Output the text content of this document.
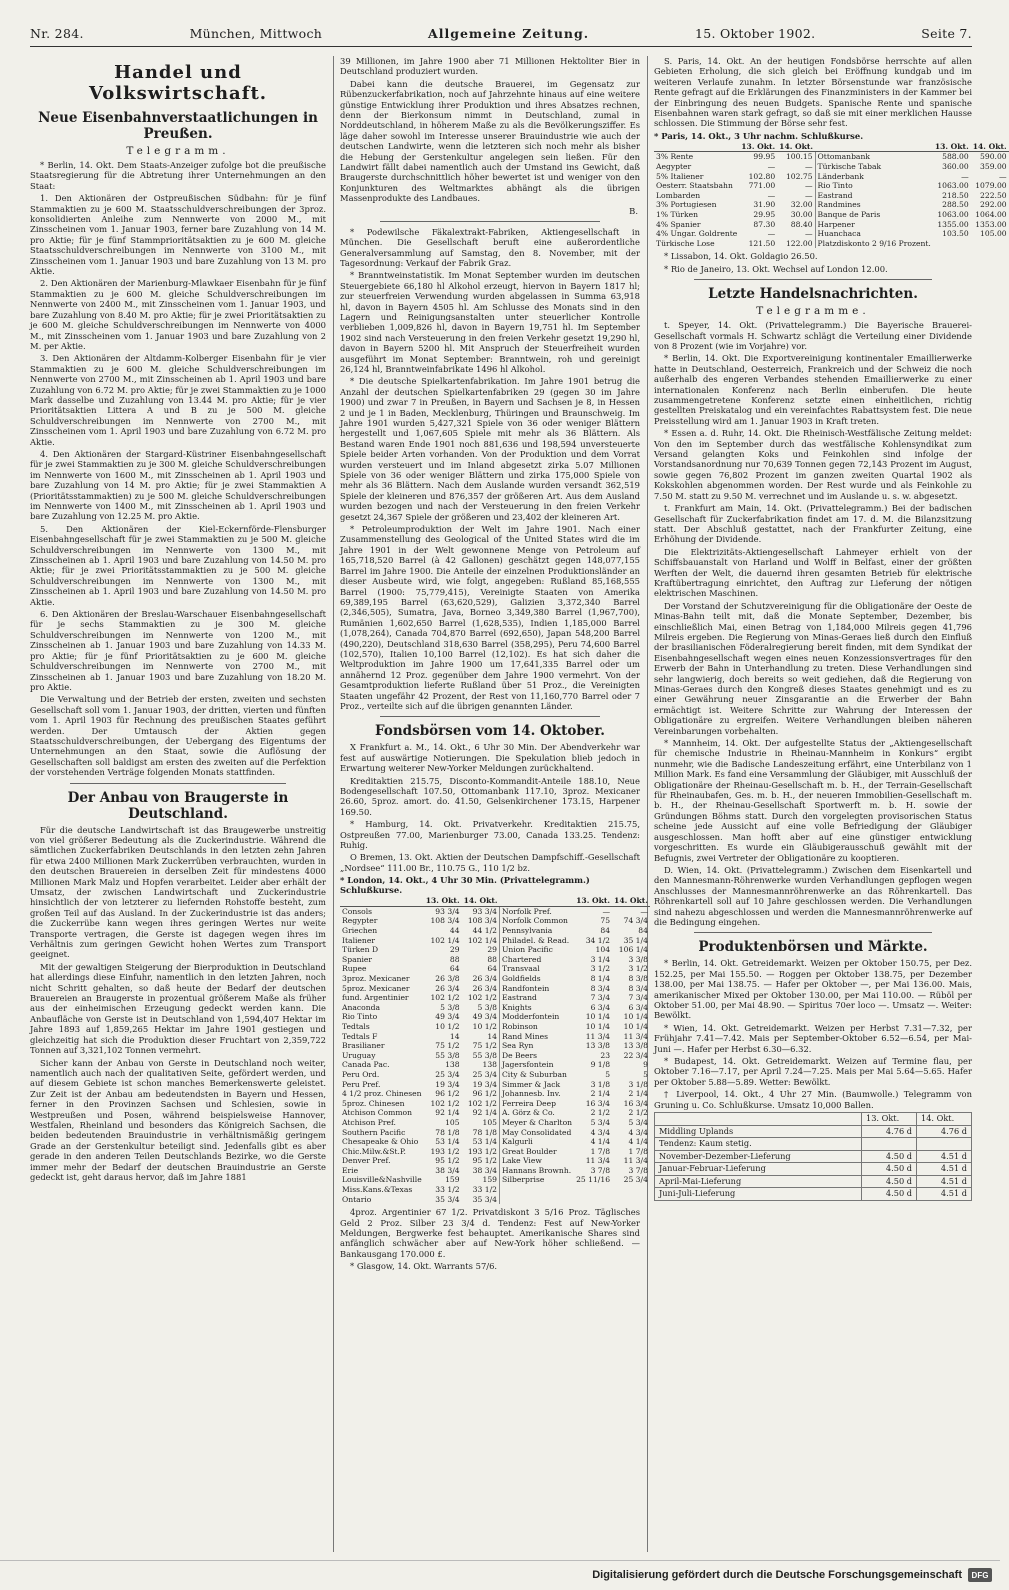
Nr. 284.	München, Mittwoch	Allgemeine Zeitung.	15. Oktober 1902.	Seite 7.
Handel und Volkswirtschaft.
Neue Eisenbahnverstaatlichungen in Preußen.
Telegramm.

* Berlin, 14. Okt. Dem Staats-Anzeiger zufolge bot die preußische Staatsregierung für die Abtretung ihrer Unternehmungen an den Staat:

1. Den Aktionären der Ostpreußischen Südbahn: für je fünf Stammaktien zu je 600 M. Staatsschuldverschreibungen der 3proz. konsolidierten Anleihe zum Nennwerte von 2000 M., mit Zinsscheinen vom 1. Januar 1903, ferner bare Zuzahlung von 14 M. pro Aktie; für je fünf Stammprioritätsaktien zu je 600 M. gleiche Staatsschuldverschreibungen im Nennwerte von 3100 M., mit Zinsscheinen vom 1. Januar 1903 und bare Zuzahlung von 13 M. pro Aktie.

2. Den Aktionären der Marienburg-Mlawkaer Eisenbahn für je fünf Stammaktien zu je 600 M. gleiche Schuldverschreibungen im Nennwerte von 2400 M., mit Zinsscheinen vom 1. Januar 1903, und bare Zuzahlung von 8.40 M. pro Aktie; für je zwei Prioritätsaktien zu je 600 M. gleiche Schuldverschreibungen im Nennwerte von 4000 M., mit Zinsscheinen vom 1. Januar 1903 und bare Zuzahlung von 2 M. per Aktie.

3. Den Aktionären der Altdamm-Kolberger Eisenbahn für je vier Stammaktien zu je 600 M. gleiche Schuldverschreibungen im Nennwerte von 2700 M., mit Zinsscheinen ab 1. April 1903 und bare Zuzahlung von 6.72 M. pro Aktie; für je zwei Stammaktien zu je 1000 Mark dasselbe und Zuzahlung von 13.44 M. pro Aktie; für je vier Prioritätsaktien Littera A und B zu je 500 M. gleiche Schuldverschreibungen im Nennwerte von 2700 M., mit Zinsscheinen vom 1. April 1903 und bare Zuzahlung von 6.72 M. pro Aktie.

4. Den Aktionären der Stargard-Küstriner Eisenbahngesellschaft für je zwei Stammaktien zu je 300 M. gleiche Schuldverschreibungen im Nennwerte von 1600 M., mit Zinsscheinen ab 1. April 1903 und bare Zuzahlung von 14 M. pro Aktie; für je zwei Stammaktien A (Prioritätsstammaktien) zu je 500 M. gleiche Schuldverschreibungen im Nennwerte von 1400 M., mit Zinsscheinen ab 1. April 1903 und bare Zuzahlung von 12.25 M. pro Aktie.

5. Den Aktionären der Kiel-Eckernförde-Flensburger Eisenbahngesellschaft für je zwei Stammaktien zu je 500 M. gleiche Schuldverschreibungen im Nennwerte von 1300 M., mit Zinsscheinen ab 1. April 1903 und bare Zuzahlung von 14.50 M. pro Aktie; für je zwei Prioritätsstammaktien zu je 500 M. gleiche Schuldverschreibungen im Nennwerte von 1300 M., mit Zinsscheinen ab 1. April 1903 und bare Zuzahlung von 14.50 M. pro Aktie.

6. Den Aktionären der Breslau-Warschauer Eisenbahngesellschaft für je sechs Stammaktien zu je 300 M. gleiche Schuldverschreibungen im Nennwerte von 1200 M., mit Zinsscheinen ab 1. Januar 1903 und bare Zuzahlung von 14.33 M. pro Aktie; für je fünf Prioritätsaktien zu je 600 M. gleiche Schuldverschreibungen im Nennwerte von 2700 M., mit Zinsscheinen ab 1. Januar 1903 und bare Zuzahlung von 18.20 M. pro Aktie.

Die Verwaltung und der Betrieb der ersten, zweiten und sechsten Gesellschaft soll vom 1. Januar 1903, der dritten, vierten und fünften vom 1. April 1903 für Rechnung des preußischen Staates geführt werden. Der Umtausch der Aktien gegen Staatsschuldverschreibungen, der Uebergang des Eigentums der Unternehmungen an den Staat, sowie die Auflösung der Gesellschaften soll baldigst am ersten des zweiten auf die Perfektion der vorstehenden Verträge folgenden Monats stattfinden.

Der Anbau von Braugerste in Deutschland.

Für die deutsche Landwirtschaft ist das Braugewerbe unstreitig von viel größerer Bedeutung als die Zuckerindustrie. Während die sämtlichen Zuckerfabriken Deutschlands in den letzten zehn Jahren für etwa 2400 Millionen Mark Zuckerrüben verbrauchten, wurden in den deutschen Brauereien in derselben Zeit für mindestens 4000 Millionen Mark Malz und Hopfen verarbeitet. Leider aber erhält der Umsatz, der zwischen Landwirtschaft und Zuckerindustrie hinsichtlich der von letzterer zu liefernden Rohstoffe besteht, zum großen Teil auf das Ausland. In der Zuckerindustrie ist das anders; die Zuckerrübe kann wegen ihres geringen Wertes nur weite Transporte vertragen, die Gerste ist dagegen wegen ihres im Verhältnis zum geringen Gewicht hohen Wertes zum Transport geeignet.

Mit der gewaltigen Steigerung der Bierproduktion in Deutschland hat allerdings diese Einfuhr, namentlich in den letzten Jahren, noch nicht Schritt gehalten, so daß heute der Bedarf der deutschen Brauereien an Braugerste in prozentual größerem Maße als früher aus der einheimischen Erzeugung gedeckt werden kann. Die Anbaufläche von Gerste ist in Deutschland von 1,594,407 Hektar im Jahre 1893 auf 1,859,265 Hektar im Jahre 1901 gestiegen und gleichzeitig hat sich die Produktion dieser Fruchtart von 2,359,722 Tonnen auf 3,321,102 Tonnen vermehrt.

Sicher kann der Anbau von Gerste in Deutschland noch weiter, namentlich auch nach der qualitativen Seite, gefördert werden, und auf diesem Gebiete ist schon manches Bemerkenswerte geleistet. Zur Zeit ist der Anbau am bedeutendsten in Bayern und Hessen, ferner in den Provinzen Sachsen und Schlesien, sowie in Westpreußen und Posen, während beispielsweise Hannover, Westfalen, Rheinland und besonders das Königreich Sachsen, die beiden bedeutenden Brauindustrie in verhältnismäßig geringem Grade an der Gerstenkultur beteiligt sind. Jedenfalls gibt es aber gerade in den anderen Teilen Deutschlands Bezirke, wo die Gerste immer mehr der Bedarf der deutschen Brauindustrie an Gerste gedeckt ist, geht daraus hervor, daß im Jahre 1881

39 Millionen, im Jahre 1900 aber 71 Millionen Hektoliter Bier in Deutschland produziert wurden.

Dabei kann die deutsche Brauerei, im Gegensatz zur Rübenzuckerfabrikation, noch auf Jahrzehnte hinaus auf eine weitere günstige Entwicklung ihrer Produktion und ihres Absatzes rechnen, denn der Bierkonsum nimmt in Deutschland, zumal in Norddeutschland, in höherem Maße zu als die Bevölkerungsziffer. Es läge daher sowohl im Interesse unserer Brauindustrie wie auch der deutschen Landwirte, wenn die letzteren sich noch mehr als bisher die Hebung der Gerstenkultur angelegen sein ließen. Für den Landwirt fällt dabei namentlich auch der Umstand ins Gewicht, daß Braugerste durchschnittlich höher bewertet ist und weniger von den Konjunkturen des Weltmarktes abhängt als die übrigen Massenprodukte des Landbaues.

B.

* Podewilsche Fäkalextrakt-Fabriken, Aktiengesellschaft in München. Die Gesellschaft beruft eine außerordentliche Generalversammlung auf Samstag, den 8. November, mit der Tagesordnung: Verkauf der Fabrik Graz.

* Branntweinstatistik. Im Monat September wurden im deutschen Steuergebiete 66,180 hl Alkohol erzeugt, hiervon in Bayern 1817 hl; zur steuerfreien Verwendung wurden abgelassen in Summa 63,918 hl, davon in Bayern 4505 hl. Am Schlusse des Monats sind in den Lagern und Reinigungsanstalten unter steuerlicher Kontrolle verblieben 1,009,826 hl, davon in Bayern 19,751 hl. Im September 1902 sind nach Versteuerung in den freien Verkehr gesetzt 19,290 hl, davon in Bayern 5200 hl. Mit Anspruch der Steuerfreiheit wurden ausgeführt im Monat September: Branntwein, roh und gereinigt 26,124 hl, Branntweinfabrikate 1496 hl Alkohol.

* Die deutsche Spielkartenfabrikation. Im Jahre 1901 betrug die Anzahl der deutschen Spielkartenfabriken 29 (gegen 30 im Jahre 1900) und zwar 7 in Preußen, in Bayern und Sachsen je 8, in Hessen 2 und je 1 in Baden, Mecklenburg, Thüringen und Braunschweig. Im Jahre 1901 wurden 5,427,321 Spiele von 36 oder weniger Blättern hergestellt und 1,067,605 Spiele mit mehr als 36 Blättern. Als Bestand waren Ende 1901 noch 881,636 und 198,594 unversteuerte Spiele beider Arten vorhanden. Von der Produktion und dem Vorrat wurden versteuert und im Inland abgesetzt zirka 5.07 Millionen Spiele von 36 oder weniger Blättern und zirka 175,000 Spiele von mehr als 36 Blättern. Nach dem Auslande wurden versandt 362,519 Spiele der kleineren und 876,357 der größeren Art. Aus dem Ausland wurden bezogen und nach der Versteuerung in den freien Verkehr gesetzt 24,367 Spiele der größeren und 23,402 der kleineren Art.

* Petroleumproduktion der Welt im Jahre 1901. Nach einer Zusammenstellung des Geological of the United States wird die im Jahre 1901 in der Welt gewonnene Menge von Petroleum auf 165,718,520 Barrel (à 42 Gallonen) geschätzt gegen 148,077,155 Barrel im Jahre 1900. Die Anteile der einzelnen Produktionsländer an dieser Ausbeute wird, wie folgt, angegeben: Rußland 85,168,555 Barrel (1900: 75,779,415), Vereinigte Staaten von Amerika 69,389,195 Barrel (63,620,529), Galizien 3,372,340 Barrel (2,346,505), Sumatra, Java, Borneo 3,349,380 Barrel (1,967,700), Rumänien 1,602,650 Barrel (1,628,535), Indien 1,185,000 Barrel (1,078,264), Canada 704,870 Barrel (692,650), Japan 548,200 Barrel (490,220), Deutschland 318,630 Barrel (358,295), Peru 74,600 Barrel (102,570), Italien 10,100 Barrel (12,102). Es hat sich daher die Weltproduktion im Jahre 1900 um 17,641,335 Barrel oder um annähernd 12 Proz. gegenüber dem Jahre 1900 vermehrt. Von der Gesamtproduktion lieferte Rußland über 51 Proz., die Vereinigten Staaten ungefähr 42 Prozent, der Rest von 11,160,770 Barrel oder 7 Proz., verteilte sich auf die übrigen genannten Länder.

Fondsbörsen vom 14. Oktober.

X Frankfurt a. M., 14. Okt., 6 Uhr 30 Min. Der Abendverkehr war fest auf auswärtige Notierungen. Die Spekulation blieb jedoch in Erwartung weiterer New-Yorker Meldungen zurückhaltend.

Kreditaktien 215.75, Disconto-Kommandit-Anteile 188.10, Neue Bodengesellschaft 107.50, Ottomanbank 117.10, 3proz. Mexicaner 26.60, 5proz. amort. do. 41.50, Gelsenkirchener 173.15, Harpener 169.50.

* Hamburg, 14. Okt. Privatverkehr. Kreditaktien 215.75, Ostpreußen 77.00, Marienburger 73.00, Canada 133.25. Tendenz: Ruhig.

O Bremen, 13. Okt. Aktien der Deutschen Dampfschiff.-Gesellschaft „Nordsee“ 111.00 Br., 110.75 G., 110 1/2 bz.

* London, 14. Okt., 4 Uhr 30 Min. (Privattelegramm.) Schlußkurse.
	13. Okt.	14. Okt.		13. Okt.	14. Okt.
Consols	93 3/4	93 3/4	Norfolk Pref.	—	—
Regypter	108 3/4	108 3/4	Norfolk Common	75	74 3/4
Griechen	44	44 1/2	Pennsylvania	84	84
Italiener	102 1/4	102 1/4	Philadel. & Read.	34 1/2	35 1/4
Türken D	29	29	Union Pacific	104	106 1/4
Spanier	88	88	Chartered	3 1/4	3 3/8
Rupee	64	64	Transvaal	3 1/2	3 1/2
3proz. Mexicaner	26 3/8	26 3/4	Goldfields	8 1/4	8 3/8
5proz. Mexicaner	26 3/4	26 3/4	Randfontein	8 3/4	8 3/4
fund. Argentinier	102 1/2	102 1/2	Eastrand	7 3/4	7 3/4
Anaconda	5 3/8	5 3/8	Knights	6 3/4	6 3/4
Rio Tinto	49 3/4	49 3/4	Modderfontein	10 1/4	10 1/4
Tedtals	10 1/2	10 1/2	Robinson	10 1/4	10 1/4
Tedtals F	14	14	Rand Mines	11 3/4	11 3/4
Brasilianer	75 1/2	75 1/2	Sea Ryn	13 3/8	13 3/8
Uruguay	55 3/8	55 3/8	De Beers	23	22 3/4
Canada Pac.	138	138	Jagersfontein	9 1/8	9
Peru Ord.	25 3/4	25 3/4	City & Suburban	5	5
Peru Pref.	19 3/4	19 3/4	Simmer & Jack	3 1/8	3 1/8
4 1/2 proz. Chinesen	96 1/2	96 1/2	Johannesb. Inv.	2 1/4	2 1/4
5proz. Chinesen	102 1/2	102 1/2	Ferreira Deep	16 3/4	16 3/4
Atchison Common	92 1/4	92 1/4	A. Görz & Co.	2 1/2	2 1/2
Atchison Pref.	105	105	Meyer & Charlton	5 3/4	5 3/4
Southern Pacific	78 1/8	78 1/8	May Consolidated	4 3/4	4 3/4
Chesapeake & Ohio	53 1/4	53 1/4	Kalgurli	4 1/4	4 1/4
Chic.Milw.&St.P.	193 1/2	193 1/2	Great Boulder	1 7/8	1 7/8
Denver Pref.	95 1/2	95 1/2	Lake View	11 3/4	11 3/4
Erie	38 3/4	38 3/4	Hannans Brownh.	3 7/8	3 7/8
Louisville&Nashville	159	159	Silberprise	25 11/16	25 3/4
Miss.Kans.&Texas	33 1/2	33 1/2			
Ontario	35 3/4	35 3/4			

4proz. Argentinier 67 1/2. Privatdiskont 3 5/16 Proz. Täglisches Geld 2 Proz. Silber 23 3/4 d. Tendenz: Fest auf New-Yorker Meldungen, Bergwerke fest behauptet. Amerikanische Shares sind anfänglich schwächer aber auf New-York höher schließend. — Bankausgang 170.000 £.

* Glasgow, 14. Okt. Warrants 57/6.

S. Paris, 14. Okt. An der heutigen Fondsbörse herrschte auf allen Gebieten Erholung, die sich gleich bei Eröffnung kundgab und im weiteren Verlaufe zunahm. In letzter Börsenstunde war französische Rente gefragt auf die Erklärungen des Finanzministers in der Kammer bei der Einbringung des neuen Budgets. Spanische Rente und spanische Eisenbahnen waren stark gefragt, so daß sie mit einer merklichen Hausse schlossen. Die Stimmung der Börse sehr fest.

* Paris, 14. Okt., 3 Uhr nachm. Schlußkurse.
	13. Okt.	14. Okt.		13. Okt.	14. Okt.
3% Rente	99.95	100.15	Ottomanbank	588.00	590.00
Aegypter	—	—	Türkische Tabak	360.00	359.00
5% Italiener	102.80	102.75	Länderbank	—	—
Oesterr. Staatsbahn	771.00	—	Rio Tinto	1063.00	1079.00
Lombarden	—	—	Eastrand	218.50	222.50
3% Portugiesen	31.90	32.00	Randmines	288.50	292.00
1% Türken	29.95	30.00	Banque de Paris	1063.00	1064.00
4% Spanier	87.30	88.40	Harpener	1355.00	1353.00
4% Ungar. Goldrente	—	—	Huanchaca	103.50	105.00
Türkische Lose	121.50	122.00	Platzdiskonto 2 9/16 Prozent.		

* Lissabon, 14. Okt. Goldagio 26.50.

* Rio de Janeiro, 13. Okt. Wechsel auf London 12.00.

Letzte Handelsnachrichten.
Telegramme.

t. Speyer, 14. Okt. (Privattelegramm.) Die Bayerische Brauerei-Gesellschaft vormals H. Schwartz schlägt die Verteilung einer Dividende von 8 Prozent (wie im Vorjahre) vor.

* Berlin, 14. Okt. Die Exportvereinigung kontinentaler Emaillierwerke hatte in Deutschland, Oesterreich, Frankreich und der Schweiz die noch außerhalb des engeren Verbandes stehenden Emaillierwerke zu einer internationalen Konferenz nach Berlin einberufen. Die heute zusammengetretene Konferenz setzte einen einheitlichen, richtig gestellten Preiskatalog und ein vereinfachtes Rabattsystem fest. Die neue Preisstellung wird am 1. Januar 1903 in Kraft treten.

* Essen a. d. Ruhr, 14. Okt. Die Rheinisch-Westfälische Zeitung meldet: Von den im September durch das westfälische Kohlensyndikat zum Versand gelangten Koks und Feinkohlen sind infolge der Vorstandsanordnung nur 70,639 Tonnen gegen 72,143 Prozent im August, sowie gegen 76,802 Prozent im ganzen zweiten Quartal 1902 als Kokskohlen abgenommen worden. Der Rest wurde und als Feinkohle zu 7.50 M. statt zu 9.50 M. verrechnet und im Auslande u. s. w. abgesetzt.

t. Frankfurt am Main, 14. Okt. (Privattelegramm.) Bei der badischen Gesellschaft für Zuckerfabrikation findet am 17. d. M. die Bilanzsitzung statt. Der Abschluß gestattet, nach der Frankfurter Zeitung, eine Erhöhung der Dividende.

Die Elektrizitäts-Aktiengesellschaft Lahmeyer erhielt von der Schiffsbauanstalt von Harland und Wolff in Belfast, einer der größten Werften der Welt, die dauernd ihren gesamten Betrieb für elektrische Kraftübertragung einrichtet, den Auftrag zur Lieferung der nötigen elektrischen Maschinen.

Der Vorstand der Schutzvereinigung für die Obligationäre der Oeste de Minas-Bahn teilt mit, daß die Monate September, Dezember, bis einschließlich Mai, einen Betrag von 1,184,000 Milreis gegen 41,796 Milreis ergeben. Die Regierung von Minas-Geraes ließ durch den Einfluß der brasilianischen Föderalregierung bereit finden, mit dem Syndikat der Eisenbahngesellschaft wegen eines neuen Konzessionsvertrages für den Erwerb der Bahn in Unterhandlung zu treten. Diese Verhandlungen sind sehr langwierig, doch bereits so weit gediehen, daß die Regierung von Minas-Geraes durch den Kongreß dieses Staates genehmigt und es zu einer Gewährung neuer Zinsgarantie an die Erwerber der Bahn ermächtigt ist. Weitere Schritte zur Wahrung der Interessen der Obligationäre zu ergreifen. Weitere Verhandlungen bleiben näheren Vereinbarungen vorbehalten.

* Mannheim, 14. Okt. Der aufgestellte Status der „Aktiengesellschaft für chemische Industrie in Rheinau-Mannheim in Konkurs“ ergibt nunmehr, wie die Badische Landeszeitung erfährt, eine Unterbilanz von 1 Million Mark. Es fand eine Versammlung der Gläubiger, mit Ausschluß der Obligationäre der Rheinau-Gesellschaft m. b. H., der Terrain-Gesellschaft für Rheinaubafen, Ges. m. b. H., der neueren Immobilien-Gesellschaft m. b. H., der Rheinau-Gesellschaft Sportwerft m. b. H. sowie der Gründungen Böhms statt. Durch den vorgelegten provisorischen Status scheine jede Aussicht auf eine volle Befriedigung der Gläubiger ausgeschlossen. Man hofft aber auf eine günstiger entwicklung vorgeschritten. Es wurde ein Gläubigerausschuß gewählt mit der Befugnis, zwei Vertreter der Obligationäre zu kooptieren.

D. Wien, 14. Okt. (Privattelegramm.) Zwischen dem Eisenkartell und den Mannesmann-Röhrenwerke wurden Verhandlungen gepflogen wegen Anschlusses der Mannesmannröhrenwerke an das Röhrenkartell. Das Röhrenkartell soll auf 10 Jahre geschlossen werden. Die Verhandlungen sind nahezu abgeschlossen und werden die Mannesmannröhrenwerke auf die Bedingung eingehen.

Produktenbörsen und Märkte.

* Berlin, 14. Okt. Getreidemarkt. Weizen per Oktober 150.75, per Dez. 152.25, per Mai 155.50. — Roggen per Oktober 138.75, per Dezember 138.00, per Mai 138.75. — Hafer per Oktober —, per Mai 136.00. Mais, amerikanischer Mixed per Oktober 130.00, per Mai 110.00. — Rüböl per Oktober 51.00, per Mai 48.90. — Spiritus 70er loco —. Umsatz —. Weiter: Bewölkt.

* Wien, 14. Okt. Getreidemarkt. Weizen per Herbst 7.31—7.32, per Frühjahr 7.41—7.42. Mais per September-Oktober 6.52—6.54, per Mai-Juni —. Hafer per Herbst 6.30—6.32.

* Budapest, 14. Okt. Getreidemarkt. Weizen auf Termine flau, per Oktober 7.16—7.17, per April 7.24—7.25. Mais per Mai 5.64—5.65. Hafer per Oktober 5.88—5.89. Wetter: Bewölkt.

† Liverpool, 14. Okt., 4 Uhr 27 Min. (Baumwolle.) Telegramm von Gruning u. Co. Schlußkurse. Umsatz 10,000 Ballen.

	13. Okt.	14. Okt.
Middling Uplands	4.76 d	4.76 d
Tendenz: Kaum stetig.		
November-Dezember-Lieferung	4.50 d	4.51 d
Januar-Februar-Lieferung	4.50 d	4.51 d
April-Mai-Lieferung	4.50 d	4.51 d
Juni-Juli-Lieferung	4.50 d	4.51 d
Digitalisierung gefördert durch die Deutsche Forschungsgemeinschaft	DFG
